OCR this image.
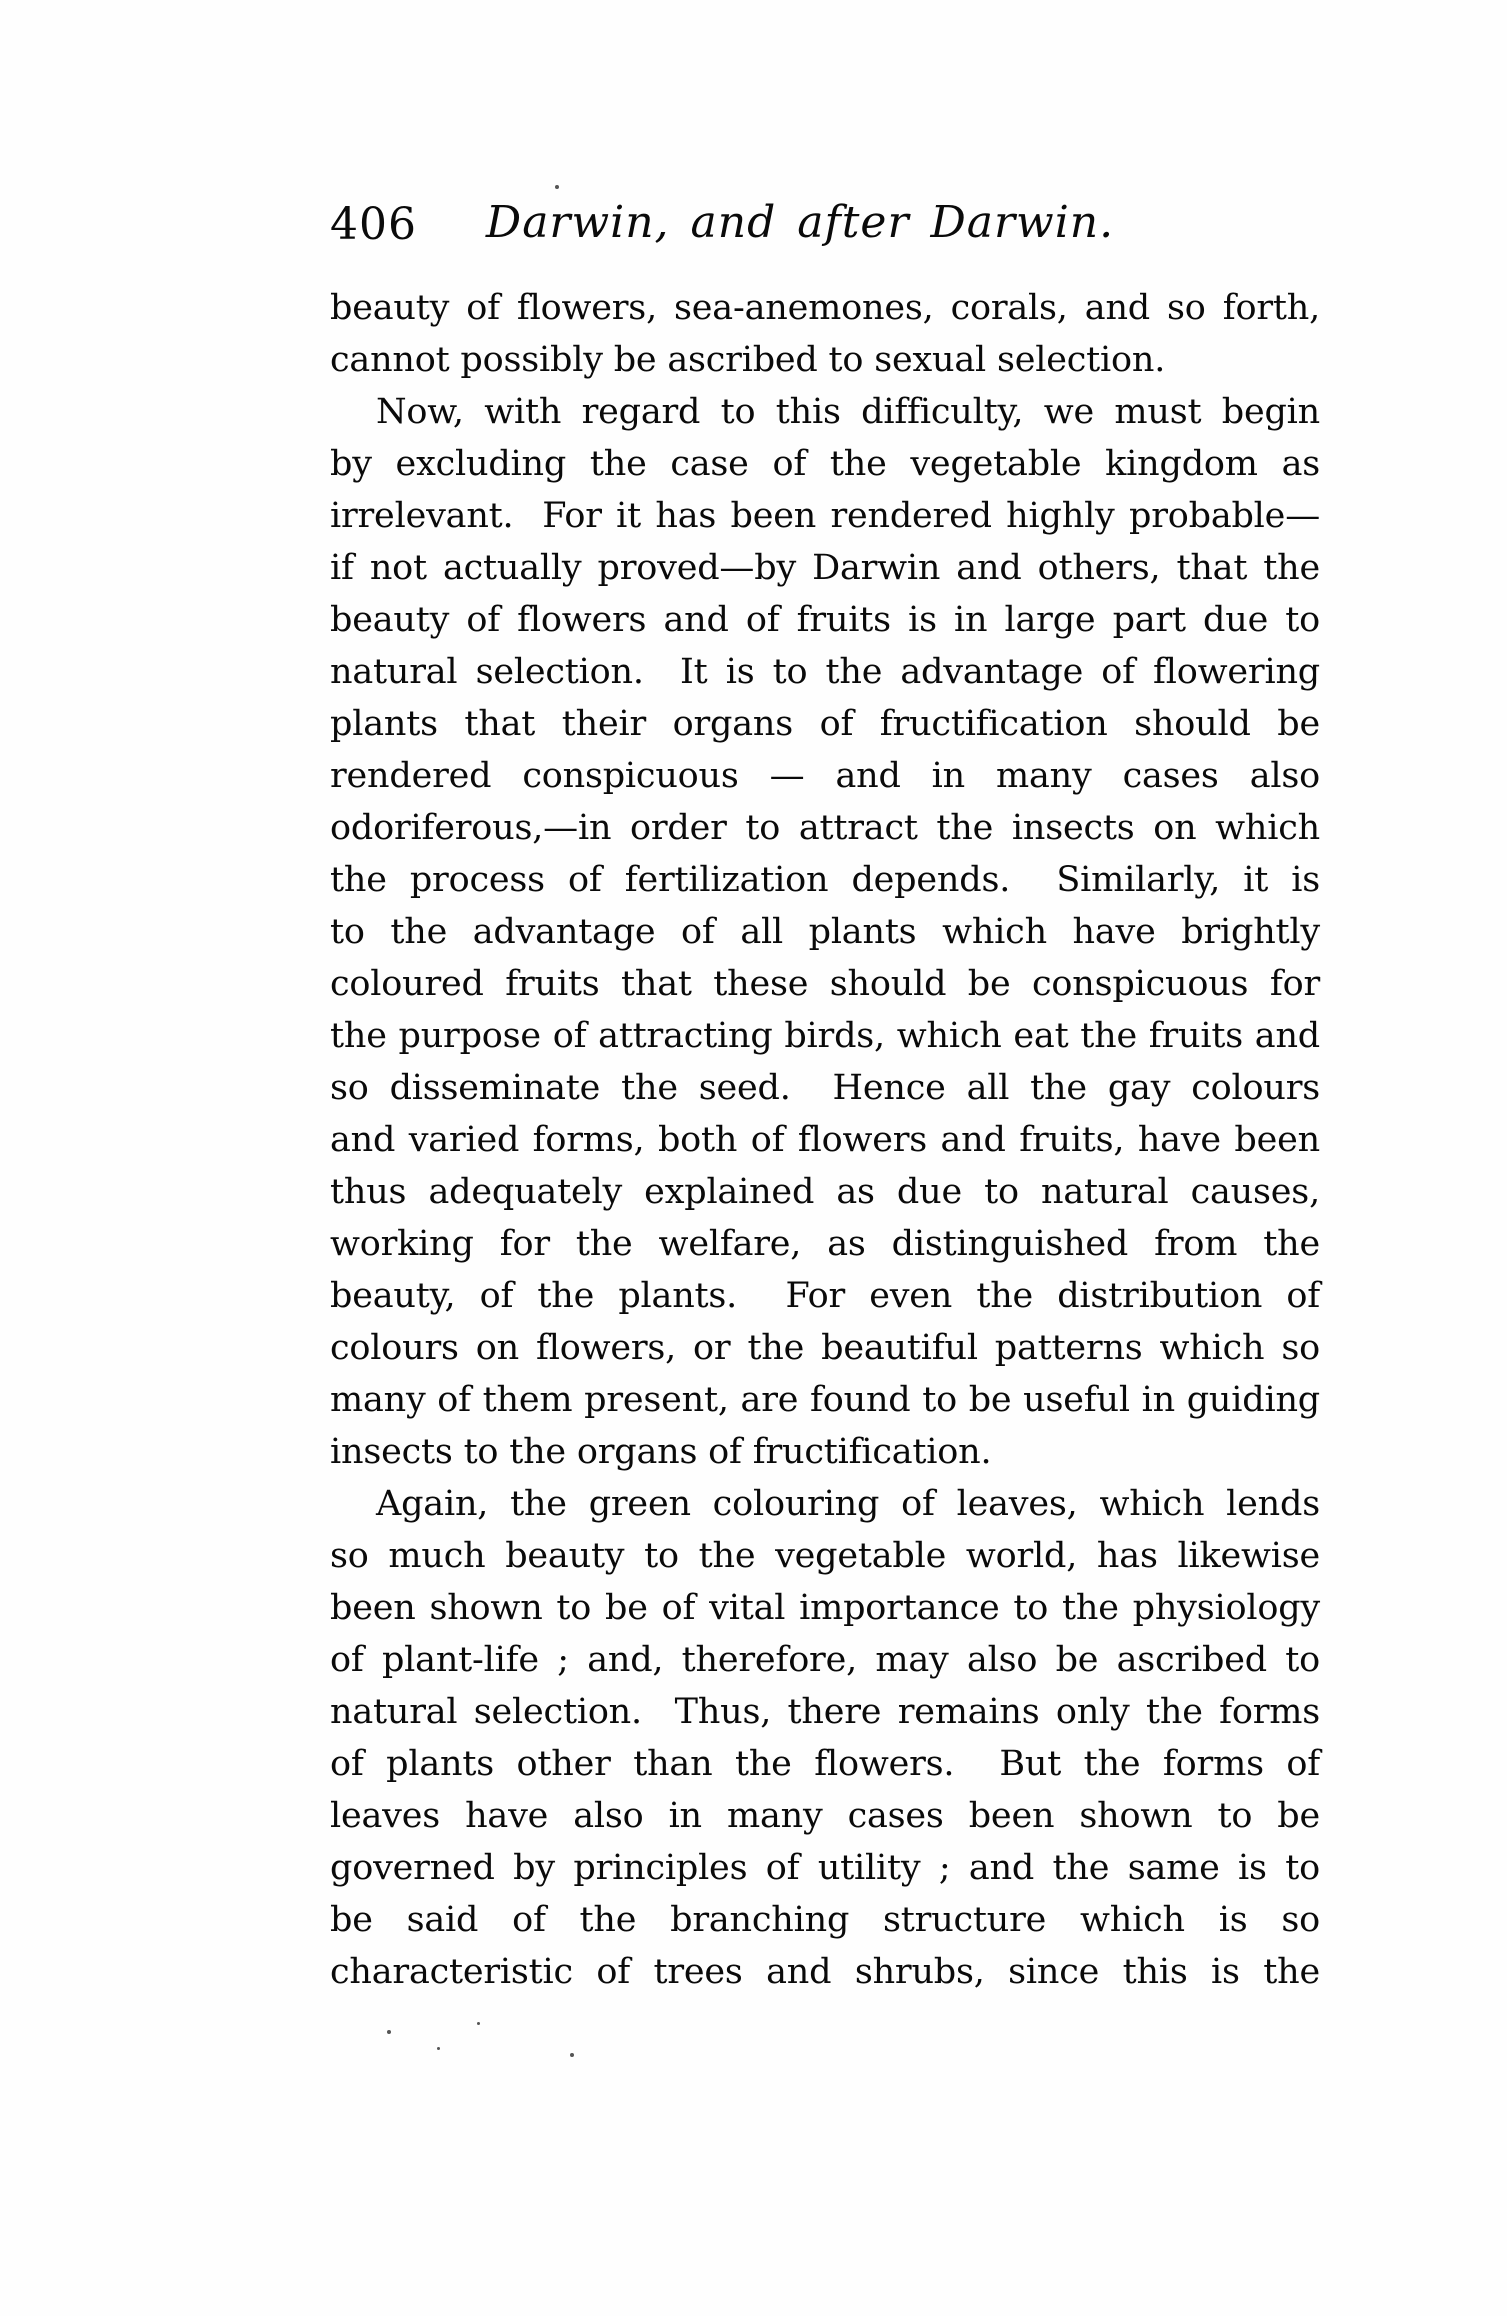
406 Darwin, and after Darwin.
beauty of flowers, sea-anemones, corals, and so forth,
cannot possibly be ascribed to sexual selection.
Now, with regard to this difficulty, we must begin
by excluding the case of the vegetable kingdom as
irrelevant.  For it has been rendered highly probable—
if not actually proved—by Darwin and others, that the
beauty of flowers and of fruits is in large part due to
natural selection.  It is to the advantage of flowering
plants that their organs of fructification should be
rendered conspicuous — and in many cases also
odoriferous,—in order to attract the insects on which
the process of fertilization depends.  Similarly, it is
to the advantage of all plants which have brightly
coloured fruits that these should be conspicuous for
the purpose of attracting birds, which eat the fruits and
so disseminate the seed.  Hence all the gay colours
and varied forms, both of flowers and fruits, have been
thus adequately explained as due to natural causes,
working for the welfare, as distinguished from the
beauty, of the plants.  For even the distribution of
colours on flowers, or the beautiful patterns which so
many of them present, are found to be useful in guiding
insects to the organs of fructification.
Again, the green colouring of leaves, which lends
so much beauty to the vegetable world, has likewise
been shown to be of vital importance to the physiology
of plant-life ; and, therefore, may also be ascribed to
natural selection.  Thus, there remains only the forms
of plants other than the flowers.  But the forms of
leaves have also in many cases been shown to be
governed by principles of utility ; and the same is to
be said of the branching structure which is so
characteristic of trees and shrubs, since this is the
